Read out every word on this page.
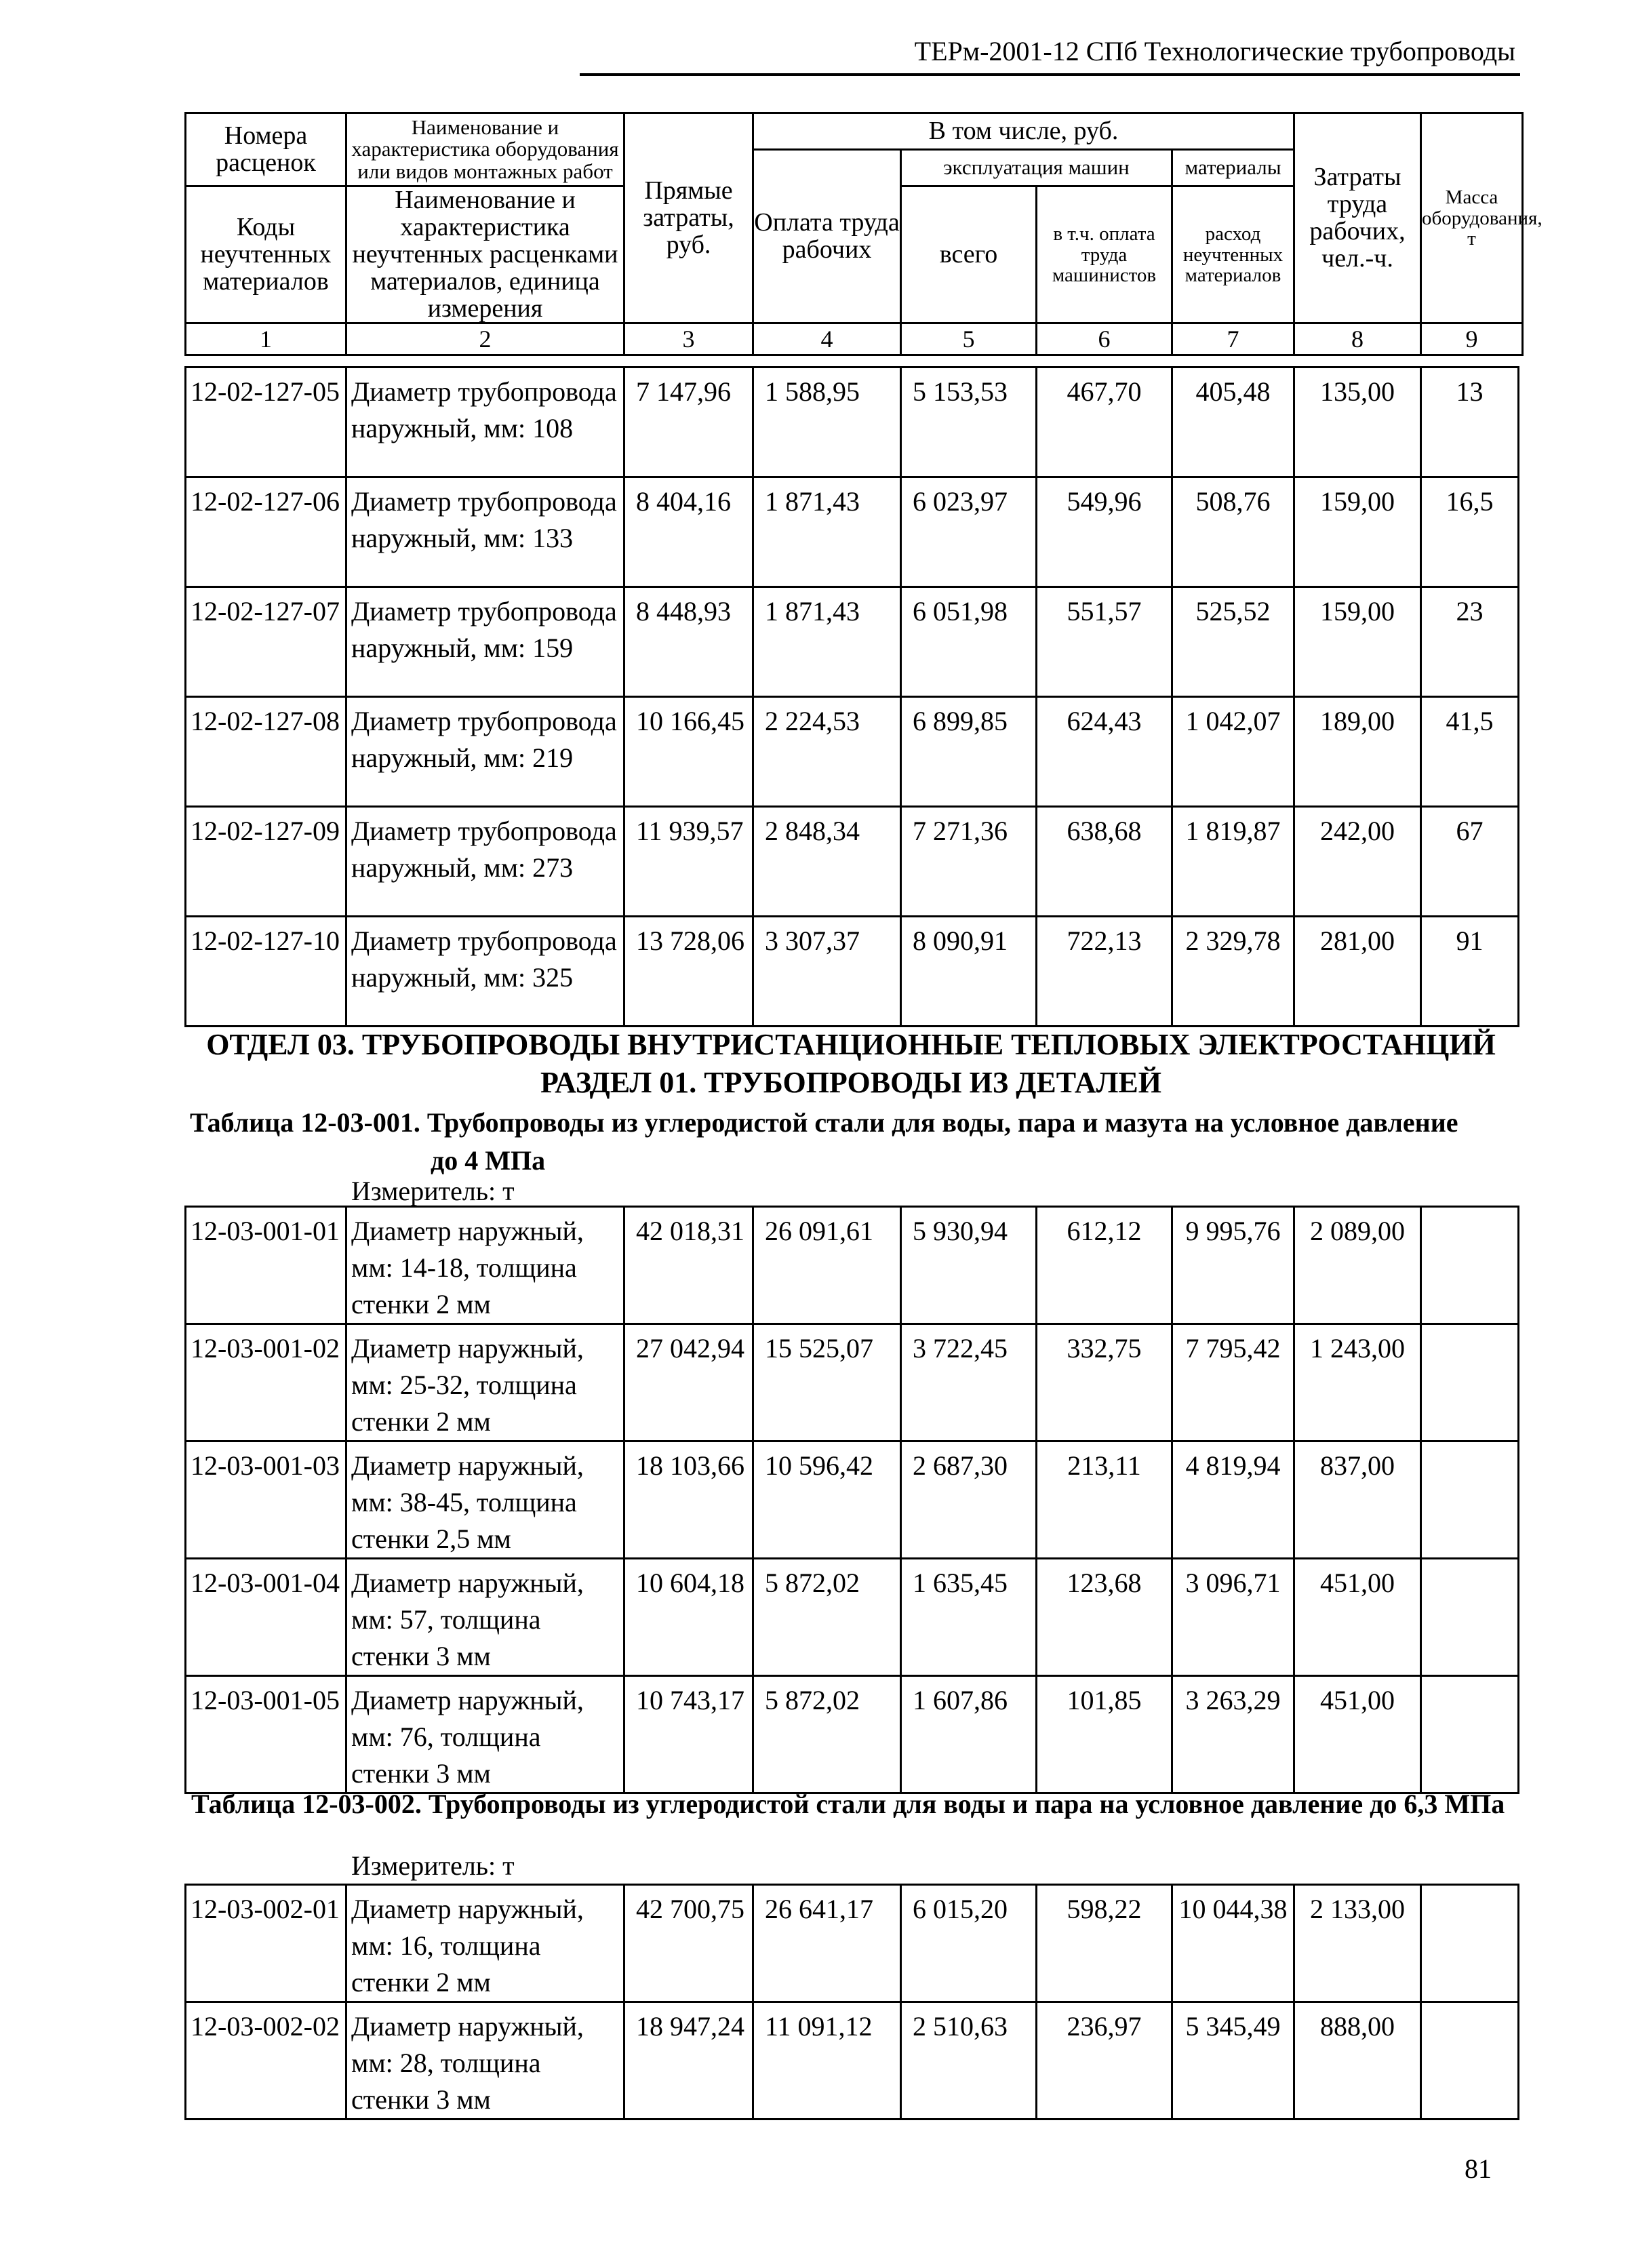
ТЕРм-2001-12 СПб Технологические трубопроводы
Номера расценок	Наименование и характеристика оборудования или видов монтажных работ	Прямые затраты, руб.	В том числе, руб.				Затраты труда рабочих, чел.-ч.	Масса оборудования, т
			Оплата труда рабочих	эксплуатация машин		материалы		
Коды неучтенных материалов	Наименование и характеристика неучтенных расценками материалов, единица измерения			всего	в т.ч. оплата труда машинистов	расход неучтенных материалов		

1	2	3	4	5	6	7	8	9
12-02-127-05	Диаметр трубопровода наружный, мм: 108	7 147,96	1 588,95	5 153,53	467,70	405,48	135,00	13
12-02-127-06	Диаметр трубопровода наружный, мм: 133	8 404,16	1 871,43	6 023,97	549,96	508,76	159,00	16,5
12-02-127-07	Диаметр трубопровода наружный, мм: 159	8 448,93	1 871,43	6 051,98	551,57	525,52	159,00	23
12-02-127-08	Диаметр трубопровода наружный, мм: 219	10 166,45	2 224,53	6 899,85	624,43	1 042,07	189,00	41,5
12-02-127-09	Диаметр трубопровода наружный, мм: 273	11 939,57	2 848,34	7 271,36	638,68	1 819,87	242,00	67
12-02-127-10	Диаметр трубопровода наружный, мм: 325	13 728,06	3 307,37	8 090,91	722,13	2 329,78	281,00	91
ОТДЕЛ 03. ТРУБОПРОВОДЫ ВНУТРИСТАНЦИОННЫЕ ТЕПЛОВЫХ ЭЛЕКТРОСТАНЦИЙ
РАЗДЕЛ 01. ТРУБОПРОВОДЫ ИЗ ДЕТАЛЕЙ
Таблица 12-03-001. Трубопроводы из углеродистой стали для воды, пара и мазута на условное давление
до 4 МПа
Измеритель: т
12-03-001-01	Диаметр наружный, мм: 14-18, толщина стенки 2 мм	42 018,31	26 091,61	5 930,94	612,12	9 995,76	2 089,00	
12-03-001-02	Диаметр наружный, мм: 25-32, толщина стенки 2 мм	27 042,94	15 525,07	3 722,45	332,75	7 795,42	1 243,00	
12-03-001-03	Диаметр наружный, мм: 38-45, толщина стенки 2,5 мм	18 103,66	10 596,42	2 687,30	213,11	4 819,94	837,00	
12-03-001-04	Диаметр наружный, мм: 57, толщина стенки 3 мм	10 604,18	5 872,02	1 635,45	123,68	3 096,71	451,00	
12-03-001-05	Диаметр наружный, мм: 76, толщина стенки 3 мм	10 743,17	5 872,02	1 607,86	101,85	3 263,29	451,00	
Таблица 12-03-002. Трубопроводы из углеродистой стали для воды и пара на условное давление до 6,3 МПа
Измеритель: т
12-03-002-01	Диаметр наружный, мм: 16, толщина стенки 2 мм	42 700,75	26 641,17	6 015,20	598,22	10 044,38	2 133,00	
12-03-002-02	Диаметр наружный, мм: 28, толщина стенки 3 мм	18 947,24	11 091,12	2 510,63	236,97	5 345,49	888,00	
81
